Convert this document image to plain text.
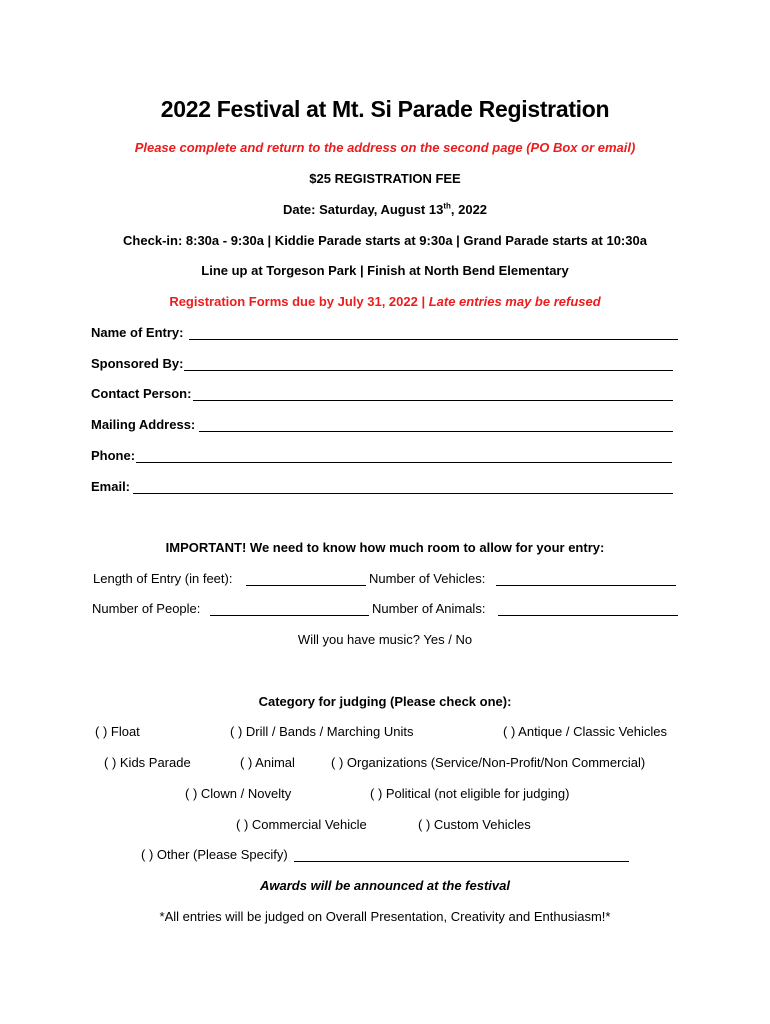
2022 Festival at Mt. Si Parade Registration
Please complete and return to the address on the second page (PO Box or email)
$25 REGISTRATION FEE
Date: Saturday, August 13th, 2022
Check-in: 8:30a - 9:30a | Kiddie Parade starts at 9:30a | Grand Parade starts at 10:30a
Line up at Torgeson Park | Finish at North Bend Elementary
Registration Forms due by July 31, 2022 | Late entries may be refused
Name of Entry:
Sponsored By:
Contact Person:
Mailing Address:
Phone:
Email:
IMPORTANT! We need to know how much room to allow for your entry:
Length of Entry (in feet):	Number of Vehicles:
Number of People:	Number of Animals:
Will you have music? Yes / No
Category for judging (Please check one):
( ) Float	( ) Drill / Bands / Marching Units	( ) Antique / Classic Vehicles
( ) Kids Parade	( ) Animal	( ) Organizations (Service/Non-Profit/Non Commercial)
( ) Clown / Novelty	( ) Political (not eligible for judging)
( ) Commercial Vehicle	( ) Custom Vehicles
( ) Other (Please Specify)
Awards will be announced at the festival
*All entries will be judged on Overall Presentation, Creativity and Enthusiasm!*
